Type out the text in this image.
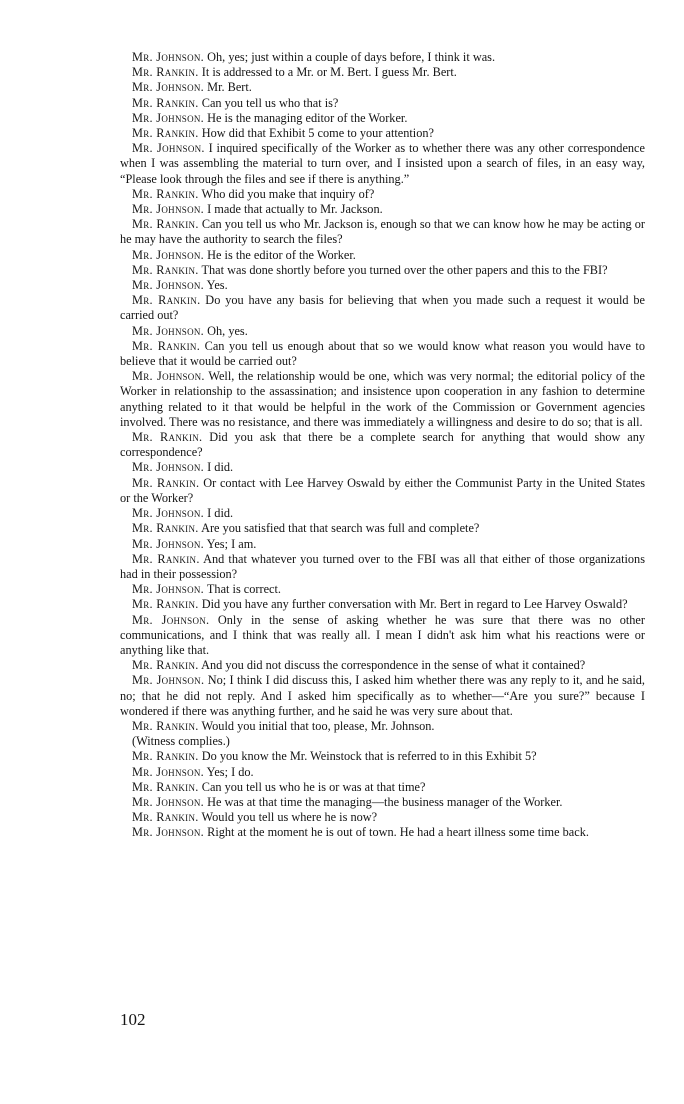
Mr. Johnson. Oh, yes; just within a couple of days before, I think it was.

Mr. Rankin. It is addressed to a Mr. or M. Bert. I guess Mr. Bert.

Mr. Johnson. Mr. Bert.

Mr. Rankin. Can you tell us who that is?

Mr. Johnson. He is the managing editor of the Worker.

Mr. Rankin. How did that Exhibit 5 come to your attention?

Mr. Johnson. I inquired specifically of the Worker as to whether there was any other correspondence when I was assembling the material to turn over, and I insisted upon a search of files, in an easy way, “Please look through the files and see if there is anything.”

Mr. Rankin. Who did you make that inquiry of?

Mr. Johnson. I made that actually to Mr. Jackson.

Mr. Rankin. Can you tell us who Mr. Jackson is, enough so that we can know how he may be acting or he may have the authority to search the files?

Mr. Johnson. He is the editor of the Worker.

Mr. Rankin. That was done shortly before you turned over the other papers and this to the FBI?

Mr. Johnson. Yes.

Mr. Rankin. Do you have any basis for believing that when you made such a request it would be carried out?

Mr. Johnson. Oh, yes.

Mr. Rankin. Can you tell us enough about that so we would know what reason you would have to believe that it would be carried out?

Mr. Johnson. Well, the relationship would be one, which was very normal; the editorial policy of the Worker in relationship to the assassination; and insistence upon cooperation in any fashion to determine anything related to it that would be helpful in the work of the Commission or Government agencies involved. There was no resistance, and there was immediately a willingness and desire to do so; that is all.

Mr. Rankin. Did you ask that there be a complete search for anything that would show any correspondence?

Mr. Johnson. I did.

Mr. Rankin. Or contact with Lee Harvey Oswald by either the Communist Party in the United States or the Worker?

Mr. Johnson. I did.

Mr. Rankin. Are you satisfied that that search was full and complete?

Mr. Johnson. Yes; I am.

Mr. Rankin. And that whatever you turned over to the FBI was all that either of those organizations had in their possession?

Mr. Johnson. That is correct.

Mr. Rankin. Did you have any further conversation with Mr. Bert in regard to Lee Harvey Oswald?

Mr. Johnson. Only in the sense of asking whether he was sure that there was no other communications, and I think that was really all. I mean I didn't ask him what his reactions were or anything like that.

Mr. Rankin. And you did not discuss the correspondence in the sense of what it contained?

Mr. Johnson. No; I think I did discuss this, I asked him whether there was any reply to it, and he said, no; that he did not reply. And I asked him specifically as to whether—“Are you sure?” because I wondered if there was anything further, and he said he was very sure about that.

Mr. Rankin. Would you initial that too, please, Mr. Johnson.

(Witness complies.)

Mr. Rankin. Do you know the Mr. Weinstock that is referred to in this Exhibit 5?

Mr. Johnson. Yes; I do.

Mr. Rankin. Can you tell us who he is or was at that time?

Mr. Johnson. He was at that time the managing—the business manager of the Worker.

Mr. Rankin. Would you tell us where he is now?

Mr. Johnson. Right at the moment he is out of town. He had a heart illness some time back.

102
